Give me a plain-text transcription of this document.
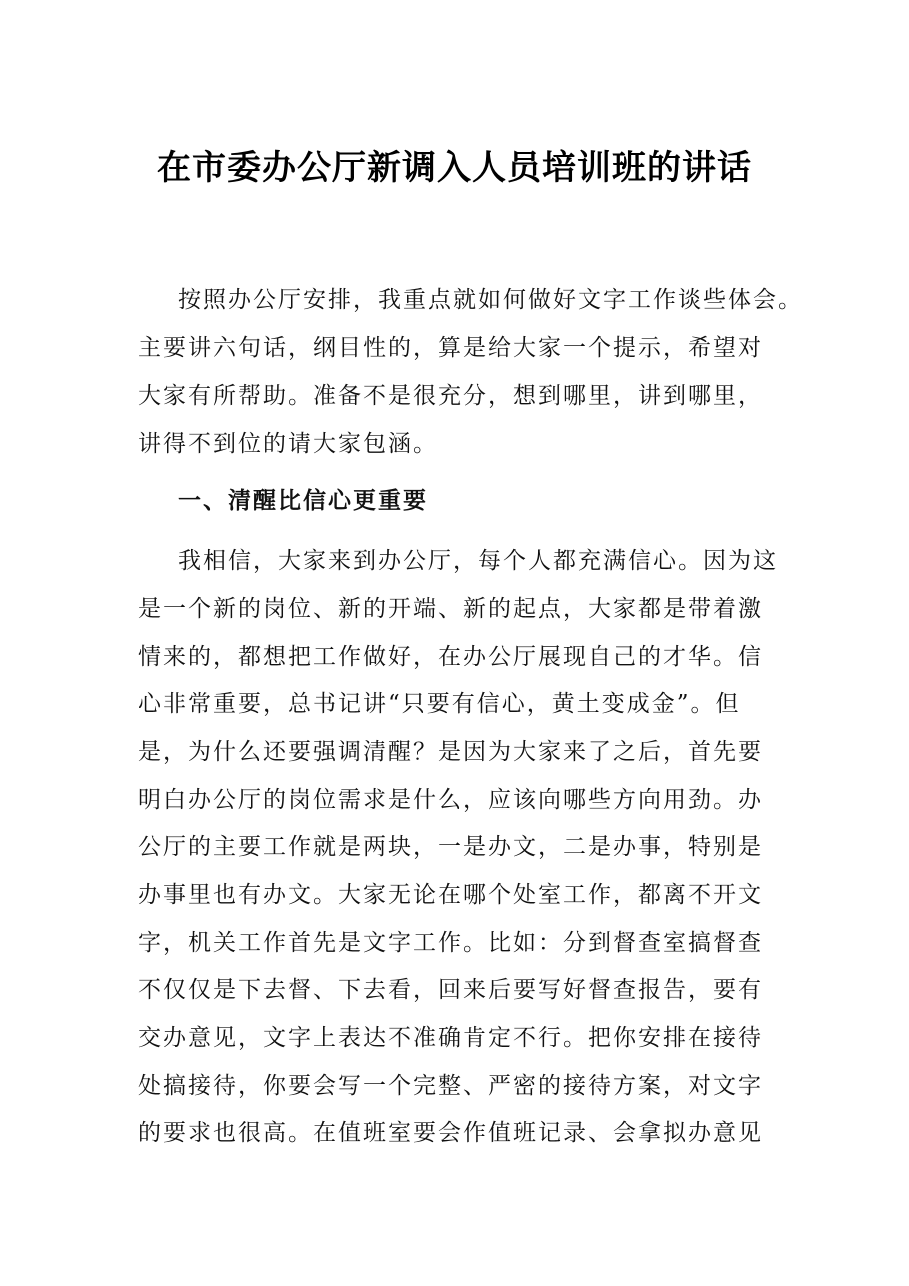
在市委办公厅新调入人员培训班的讲话
按照办公厅安排，我重点就如何做好文字工作谈些体会。
主要讲六句话，纲目性的，算是给大家一个提示，希望对
大家有所帮助。准备不是很充分，想到哪里，讲到哪里，
讲得不到位的请大家包涵。
一、清醒比信心更重要
我相信，大家来到办公厅，每个人都充满信心。因为这
是一个新的岗位、新的开端、新的起点，大家都是带着激
情来的，都想把工作做好，在办公厅展现自己的才华。信
心非常重要，总书记讲“只要有信心，黄土变成金”。但
是，为什么还要强调清醒？是因为大家来了之后，首先要
明白办公厅的岗位需求是什么，应该向哪些方向用劲。办
公厅的主要工作就是两块，一是办文，二是办事，特别是
办事里也有办文。大家无论在哪个处室工作，都离不开文
字，机关工作首先是文字工作。比如：分到督查室搞督查
不仅仅是下去督、下去看，回来后要写好督查报告，要有
交办意见，文字上表达不准确肯定不行。把你安排在接待
处搞接待，你要会写一个完整、严密的接待方案，对文字
的要求也很高。在值班室要会作值班记录、会拿拟办意见
